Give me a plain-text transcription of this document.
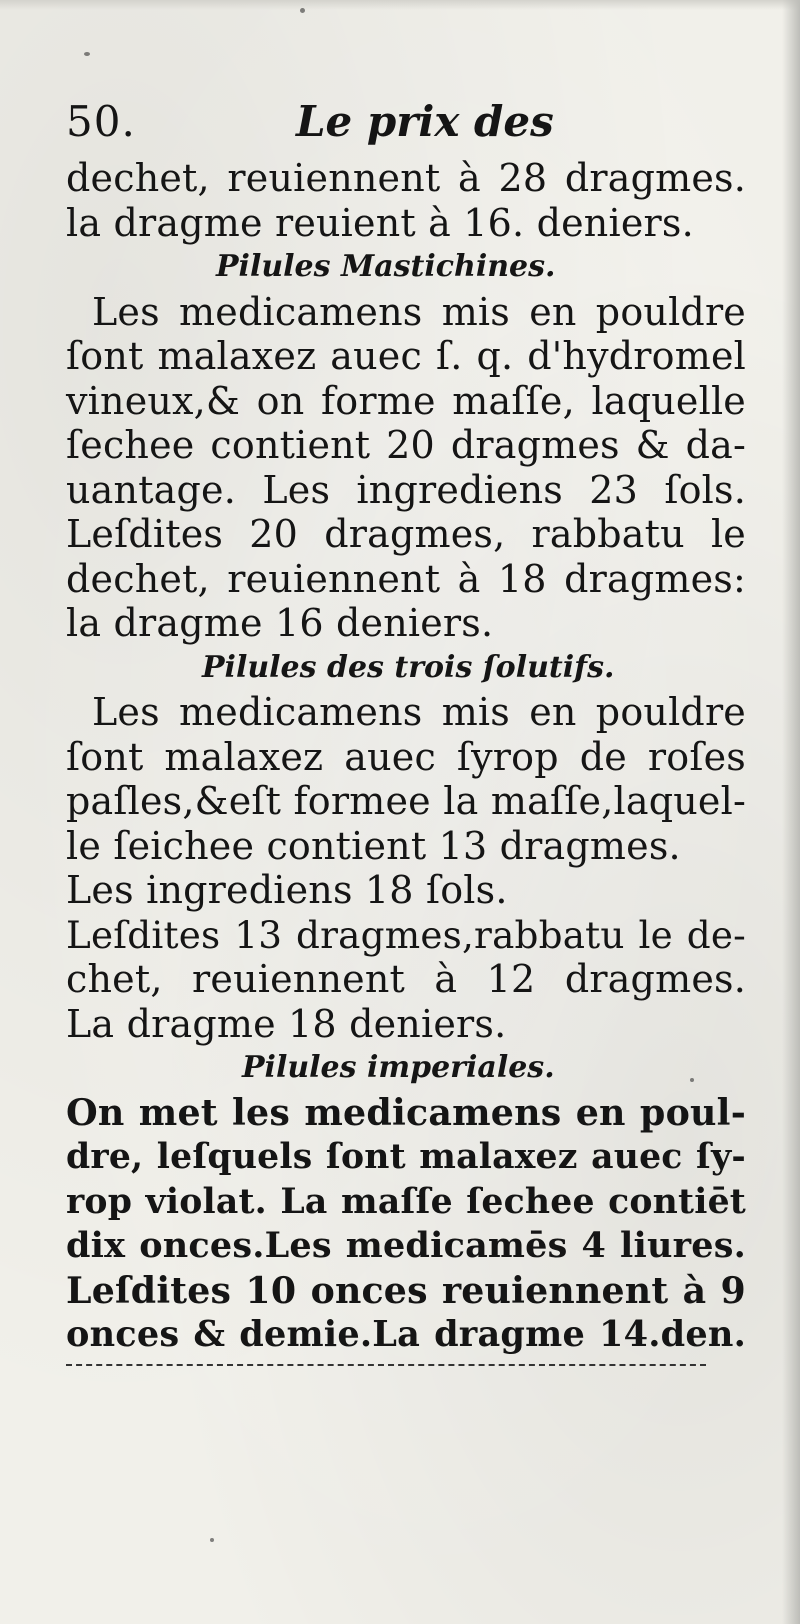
50.	Le prix des
dechet, reuiennent à 28 dragmes.
la dragme reuient à 16. deniers.
Pilules Mastichines.
Les medicamens mis en pouldre
ſont malaxez auec ſ. q. d'hydromel
vineux,& on forme maſſe, laquelle
ſechee contient 20 dragmes & da-
uantage. Les ingrediens 23 ſols.
Leſdites 20 dragmes, rabbatu le
dechet, reuiennent à 18 dragmes:
la dragme 16 deniers.
Pilules des trois ſolutifs.
Les medicamens mis en pouldre
ſont malaxez auec ſyrop de roſes
paſles,&eſt formee la maſſe,laquel-
le ſeichee contient 13 dragmes.
Les ingrediens 18 ſols.
Leſdites 13 dragmes,rabbatu le de-
chet, reuiennent à 12 dragmes.
La dragme 18 deniers.
Pilules imperiales.
On met les medicamens en poul-
dre, leſquels ſont malaxez auec ſy-
rop violat. La maſſe ſechee contiēt
dix onces.Les medicamēs 4 liures.
Leſdites 10 onces reuiennent à 9
onces & demie.La dragme 14.den.
